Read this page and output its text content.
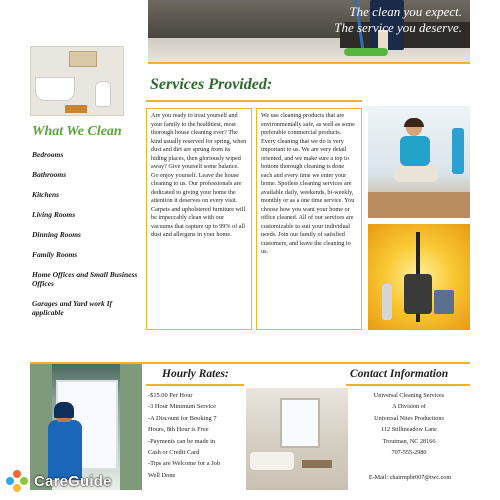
The clean you expect.
The service you deserve.
What We Clean
Bedrooms
Bathrooms
Kitchens
Living Rooms
Dinning Rooms
Family Rooms
Home Offices and Small Business Offices
Garages and Yard work If applicable
Services Provided:
Are you ready to treat yourself and your family to the healthiest, most thorough house cleaning ever? The kind usually reserved for spring, when dust and dirt are sprung from its hiding places, then gloriously wiped away? Give yourself some balance. Go enjoy yourself. Leave the house cleaning to us. Our professionals are dedicated to giving your home the attention it deserves on every visit. Carpets and upholstered furniture will be impeccably clean with our vacuums that capture up to 99% of all dust and allergens in your home.
We use cleaning products that are environmentally safe, as well as some preferable commercial products. Every cleaning that we do is very important to us. We are very detail oriented, and we make sure a top to bottom thorough cleaning is done each and every time we enter your home. Spotless cleaning services are available daily, weekends, bi-weekly, monthly or as a one time service. You choose how you want your home or office cleaned. All of our services are customizable to suit your individual needs. Join our family of satisfied customers, and leave the cleaning to us.
Hourly Rates:
-$15.00 Per Hour
-3 Hour Minimum Service
-A Discount for Booking 7
Hours, 8th Hour is Free
-Payments can be made in
Cash or Credit Card
-Tips are Welcome for a Job
Well Done
Contact Information
Universal Cleaning Services
A Division of
Universal Nites Productions
112 Stillmeadow Lane
Troutman, NC 28166
707-555-2980
E-Mail: chairmpbr007@twc.com
CareGuide
